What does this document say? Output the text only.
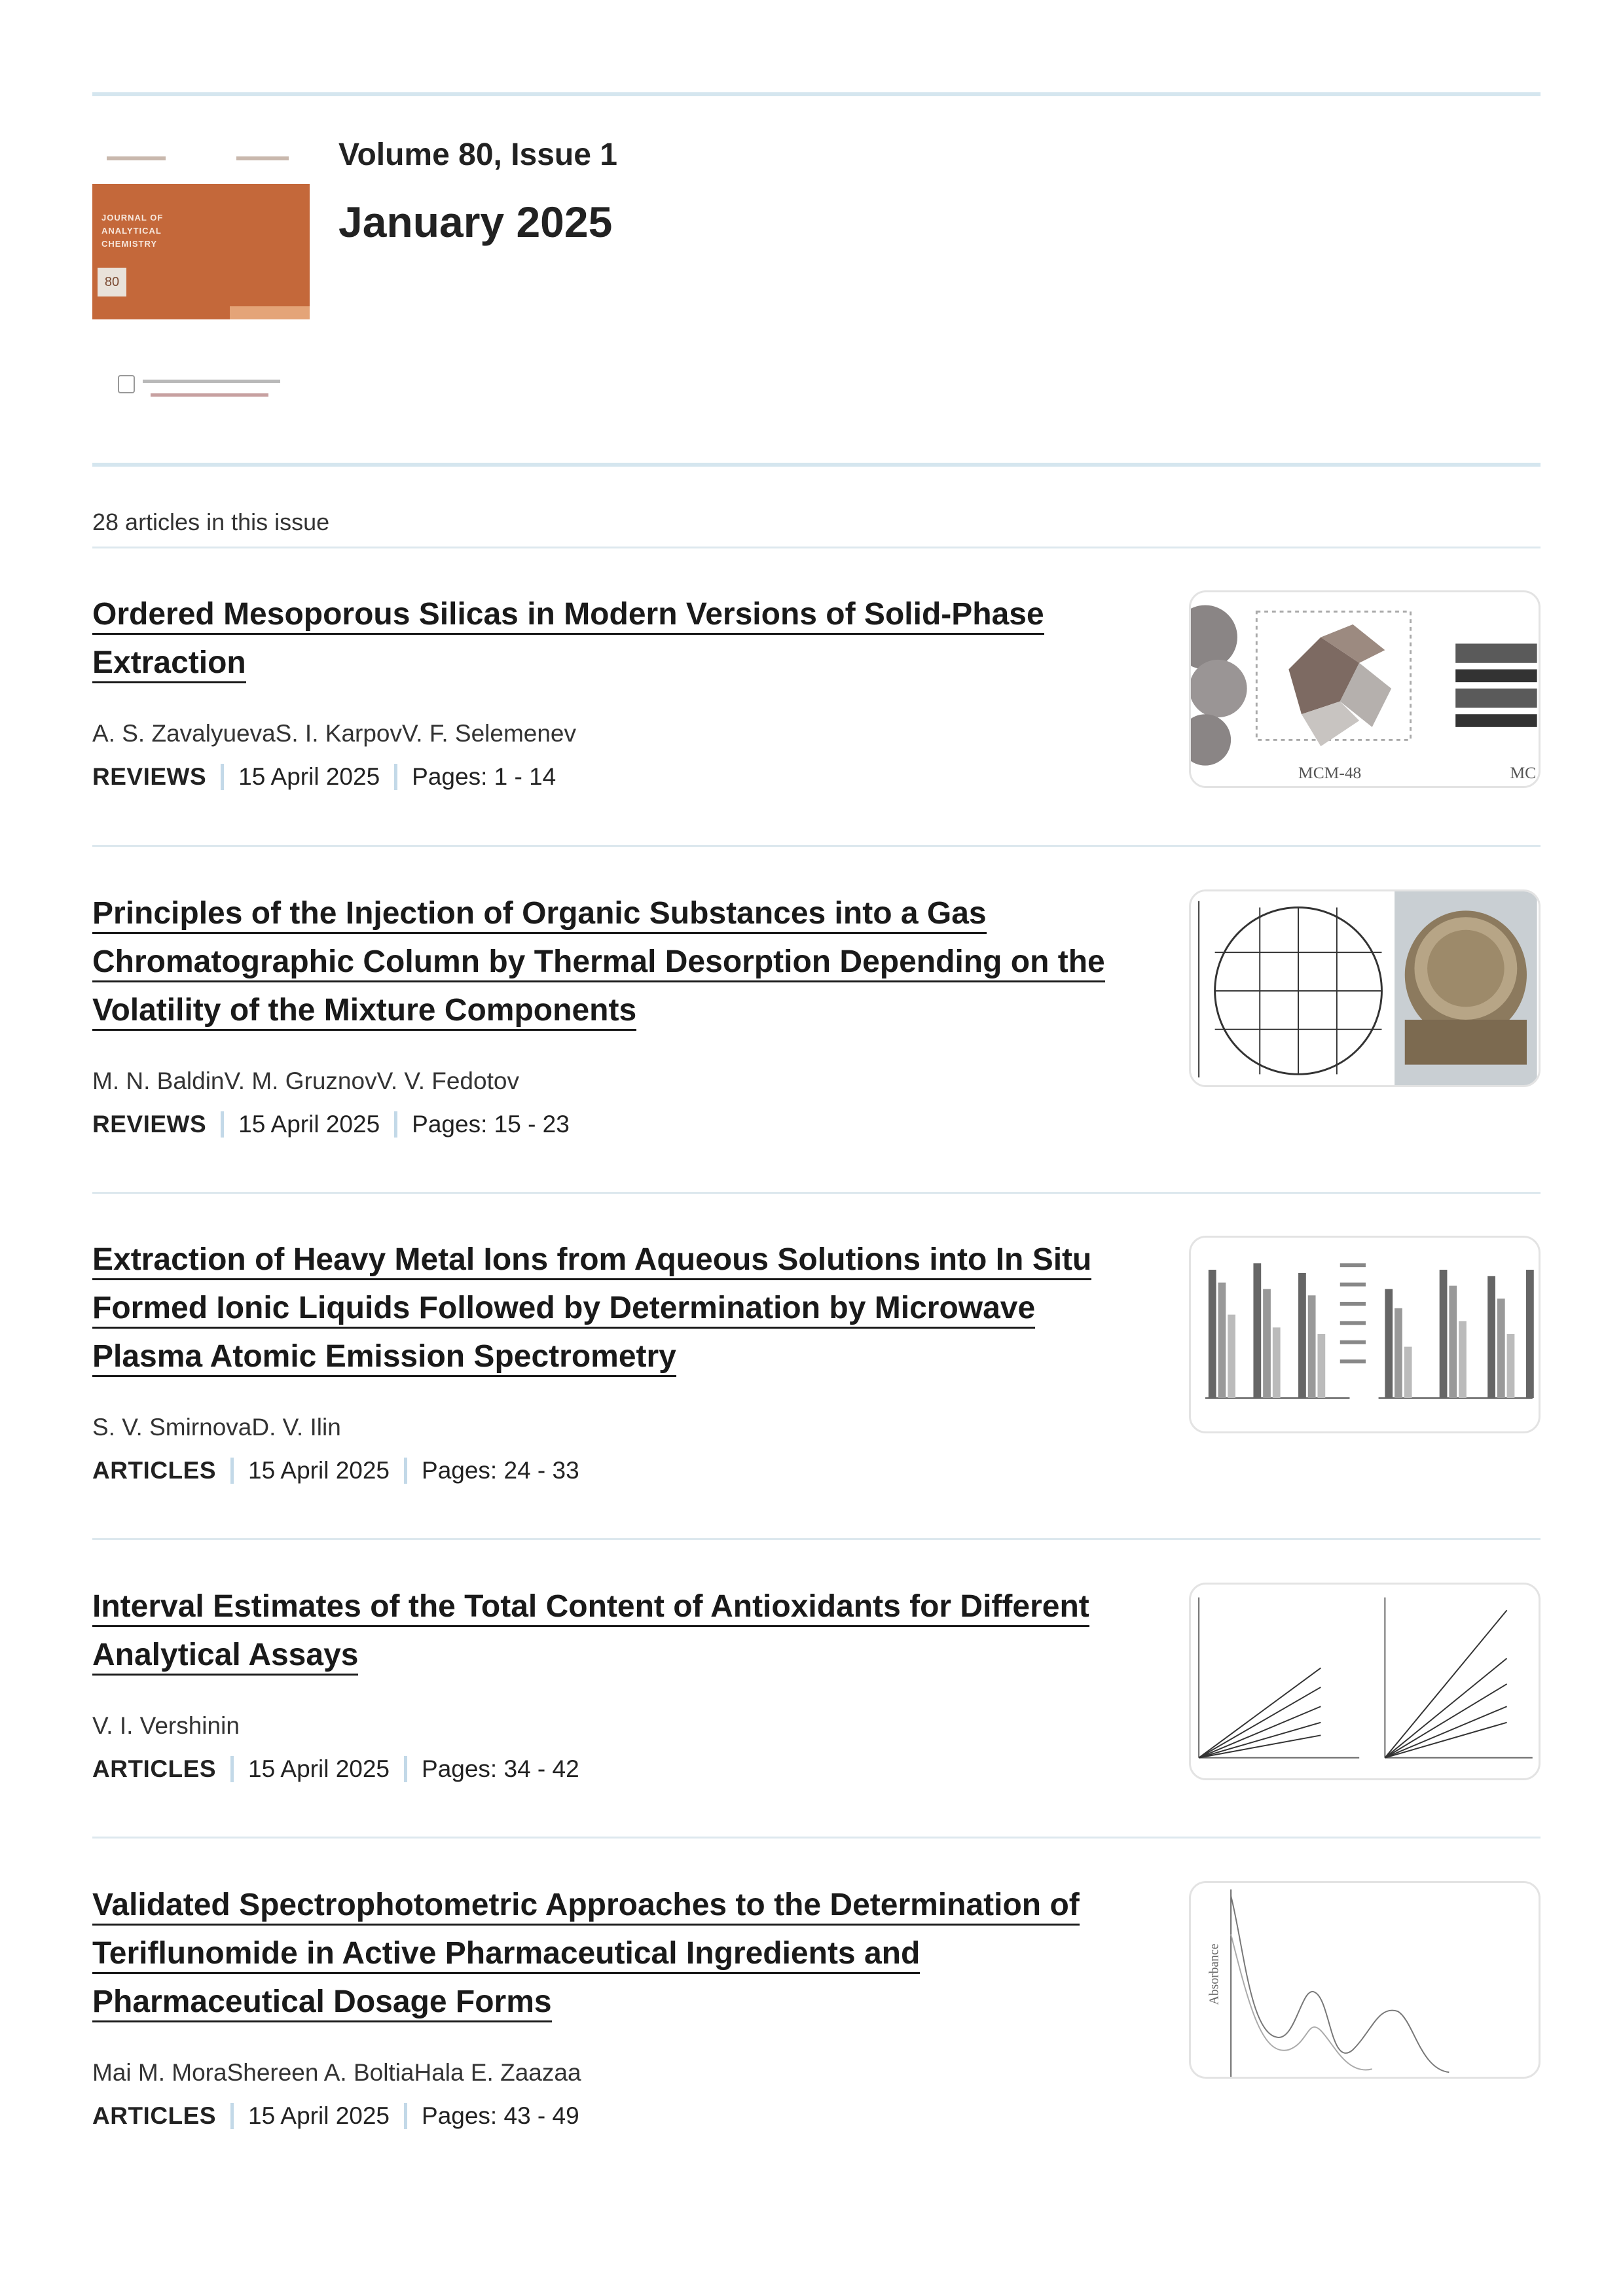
JOURNAL OF ANALYTICAL CHEMISTRY
80
Volume 80, Issue 1
January 2025
28 articles in this issue
Ordered Mesoporous Silicas in Modern Versions of Solid-Phase Extraction
A. S. ZavalyuevaS. I. KarpovV. F. Selemenev
REVIEWS 15 April 2025 Pages: 1 - 14	MCM-48	MC
Principles of the Injection of Organic Substances into a Gas Chromatographic Column by Thermal Desorption Depending on the Volatility of the Mixture Components
M. N. BaldinV. M. GruznovV. V. Fedotov
REVIEWS 15 April 2025 Pages: 15 - 23
Extraction of Heavy Metal Ions from Aqueous Solutions into In Situ Formed Ionic Liquids Followed by Determination by Microwave Plasma Atomic Emission Spectrometry
S. V. SmirnovaD. V. Ilin
ARTICLES 15 April 2025 Pages: 24 - 33
Interval Estimates of the Total Content of Antioxidants for Different Analytical Assays
V. I. Vershinin
ARTICLES 15 April 2025 Pages: 34 - 42
Validated Spectrophotometric Approaches to the Determination of Teriflunomide in Active Pharmaceutical Ingredients and Pharmaceutical Dosage Forms
Mai M. MoraShereen A. BoltiaHala E. Zaazaa
ARTICLES 15 April 2025 Pages: 43 - 49
Absorbance
